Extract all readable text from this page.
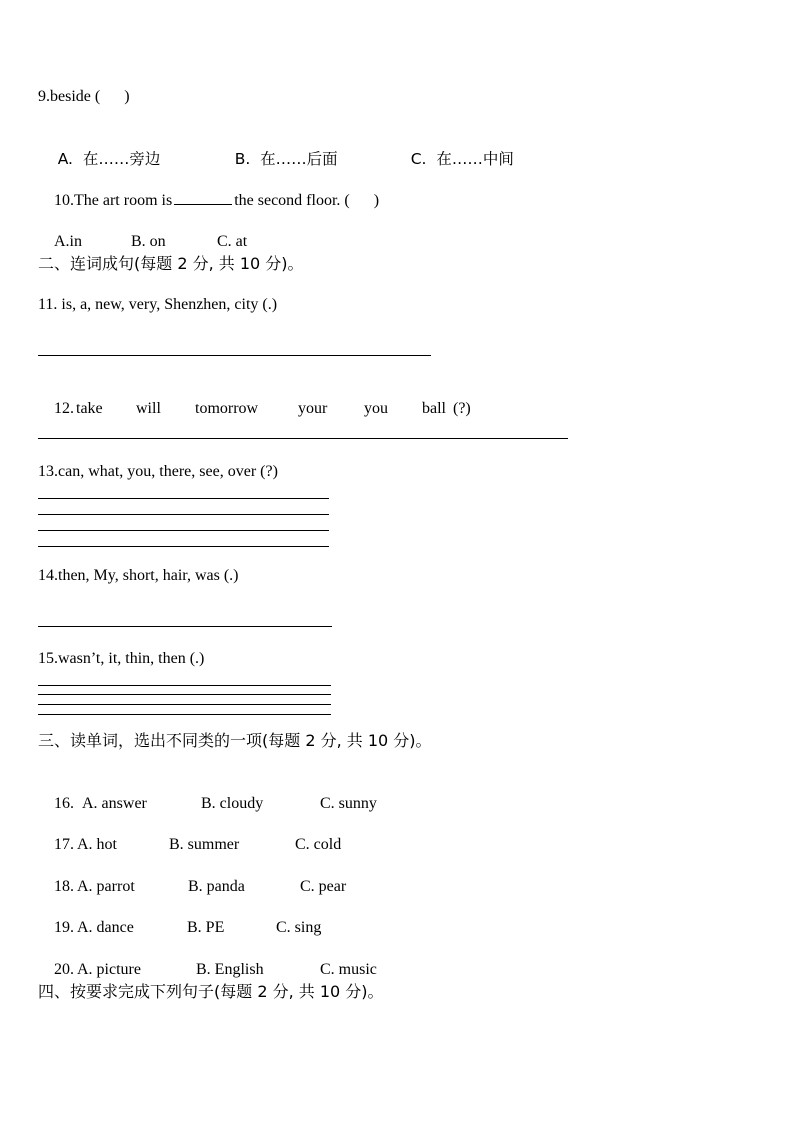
9.beside (      )

A.  在……旁边	B.  在……后面	C.  在……中间

10.The art room is	the second floor. (      )

A.in	B. on	C. at

二、连词成句(每题 2 分, 共 10 分)。
11. is, a, new, very, Shenzhen, city (.)

12. take will tomorrow your you ball (?)

13.can, what, you, there, see, over (?)
14.then, My, short, hair, was (.)
15.wasn’t, it, thin, then (.)
三、读单词，选出不同类的一项(每题 2 分, 共 10 分)。

16. A. answer	B. cloudy	C. sunny

17. A. hot	B. summer	C. cold

18. A. parrot	B. panda	C. pear

19. A. dance	B. PE	C. sing

20. A. picture	B. English	C. music

四、按要求完成下列句子(每题 2 分, 共 10 分)。
